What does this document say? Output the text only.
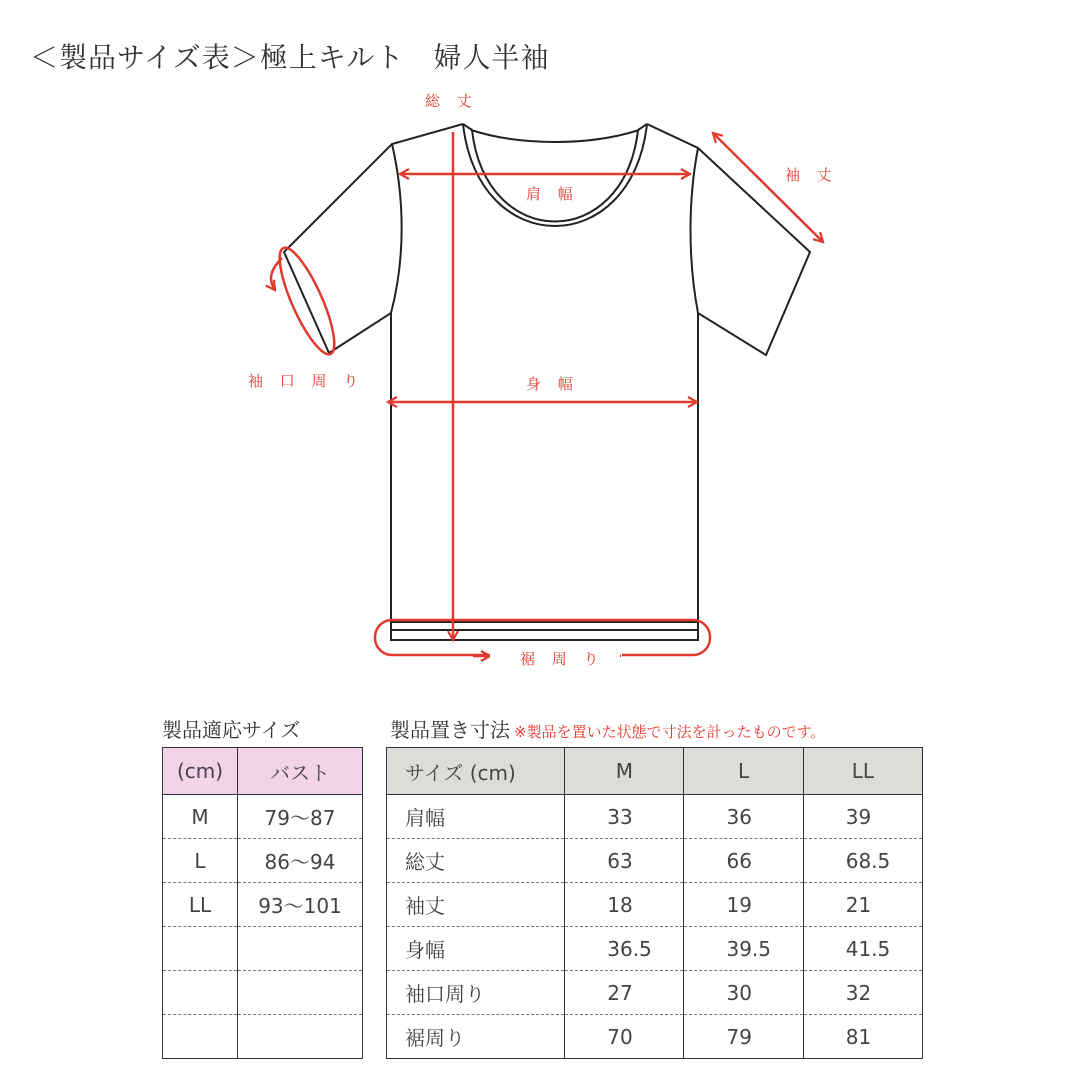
＜製品サイズ表＞極上キルト　婦人半袖
総 丈
肩 幅
袖 丈
袖 口 周 り	身 幅
裾 周 り
製品適応サイズ	製品置き寸法 ※製品を置いた状態で寸法を計ったものです。
(cm)	バスト
M	79〜87
L	86〜94
LL	93〜101

サイズ (cm)	M	L	LL
肩幅	33	36	39
総丈	63	66	68.5
袖丈	18	19	21
身幅	36.5	39.5	41.5
袖口周り	27	30	32
裾周り	70	79	81
